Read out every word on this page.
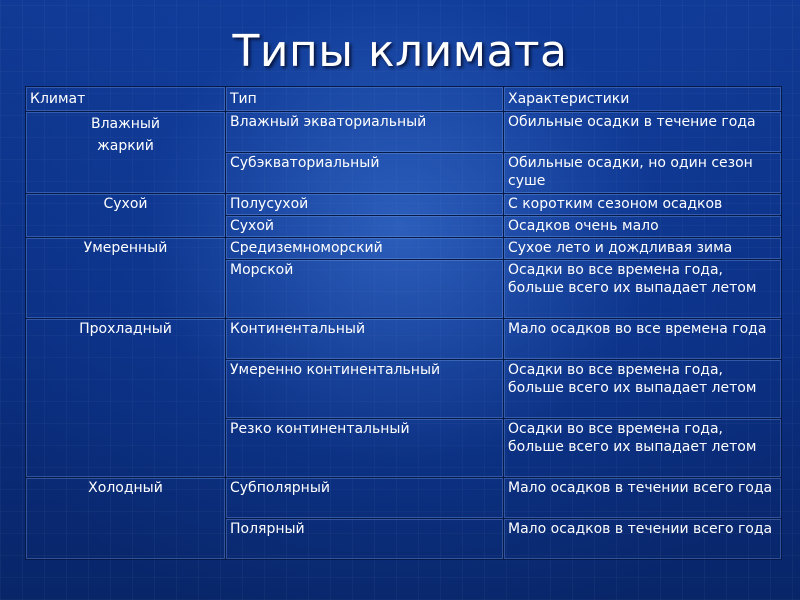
Типы климата
Климат	Тип	Характеристики
Влажный
жаркий	Влажный экваториальный	Обильные осадки в течение года
	Субэкваториальный	Обильные осадки, но один сезон суше
Сухой	Полусухой	С коротким сезоном осадков
	Сухой	Осадков очень мало
Умеренный	Средиземноморский	Сухое лето и дождливая зима
	Морской	Осадки во все времена года, больше всего их выпадает летом
Прохладный	Континентальный	Мало осадков во все времена года
	Умеренно континентальный	Осадки во все времена года, больше всего их выпадает летом
	Резко континентальный	Осадки во все времена года, больше всего их выпадает летом
Холодный	Субполярный	Мало осадков в течении всего года
	Полярный	Мало осадков в течении всего года
